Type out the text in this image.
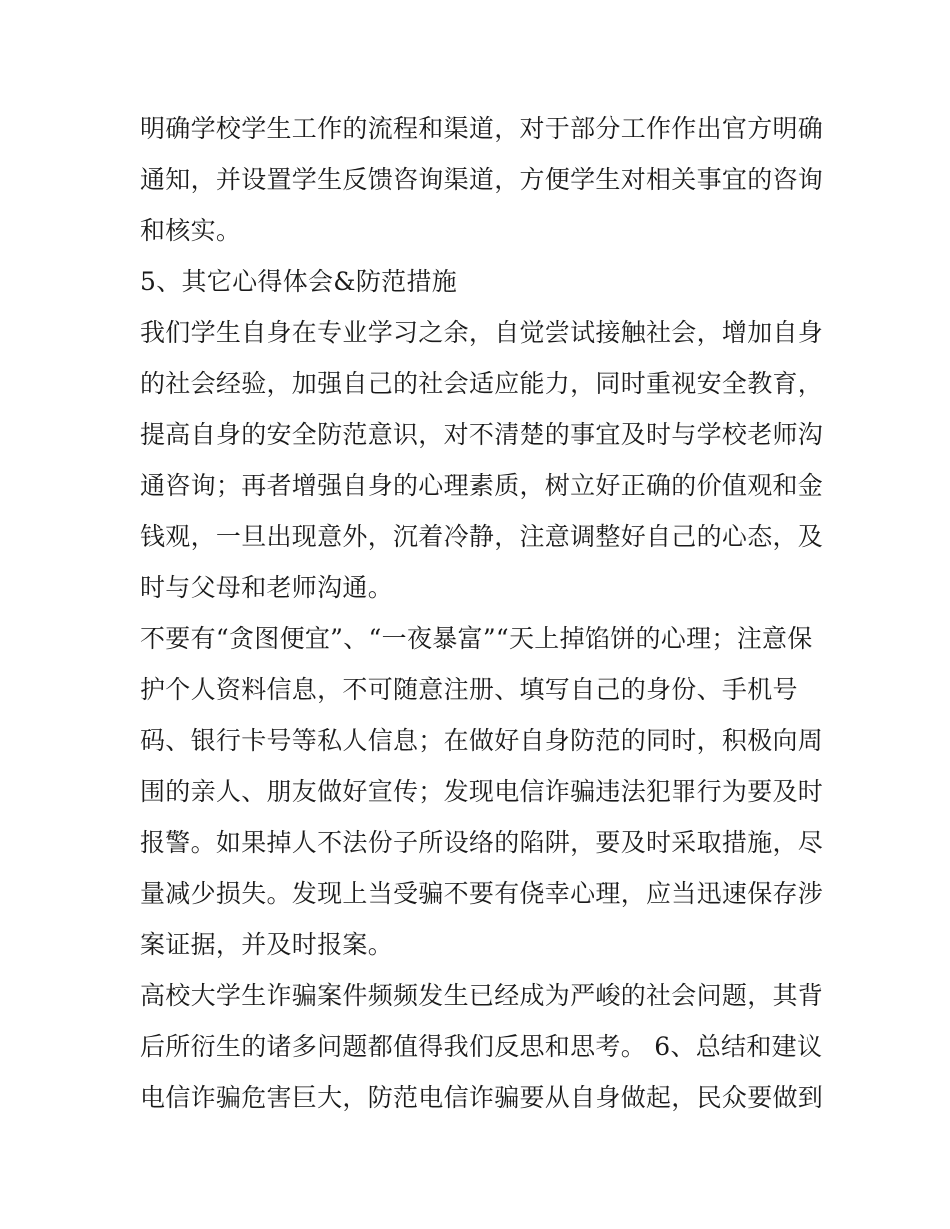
明确学校学生工作的流程和渠道，对于部分工作作出官方明确
通知，并设置学生反馈咨询渠道，方便学生对相关事宜的咨询
和核实。
5、其它心得体会&防范措施
我们学生自身在专业学习之余，自觉尝试接触社会，增加自身
的社会经验，加强自己的社会适应能力，同时重视安全教育，
提高自身的安全防范意识，对不清楚的事宜及时与学校老师沟
通咨询；再者增强自身的心理素质，树立好正确的价值观和金
钱观，一旦出现意外，沉着冷静，注意调整好自己的心态，及
时与父母和老师沟通。
不要有“贪图便宜”、“一夜暴富”“天上掉馅饼的心理；注意保
护个人资料信息，不可随意注册、填写自己的身份、手机号
码、银行卡号等私人信息；在做好自身防范的同时，积极向周
围的亲人、朋友做好宣传；发现电信诈骗违法犯罪行为要及时
报警。如果掉人不法份子所设络的陷阱，要及时采取措施，尽
量减少损失。发现上当受骗不要有侥幸心理，应当迅速保存涉
案证据，并及时报案。
高校大学生诈骗案件频频发生已经成为严峻的社会问题，其背
后所衍生的诸多问题都值得我们反思和思考。 6、总结和建议
电信诈骗危害巨大，防范电信诈骗要从自身做起，民众要做到
